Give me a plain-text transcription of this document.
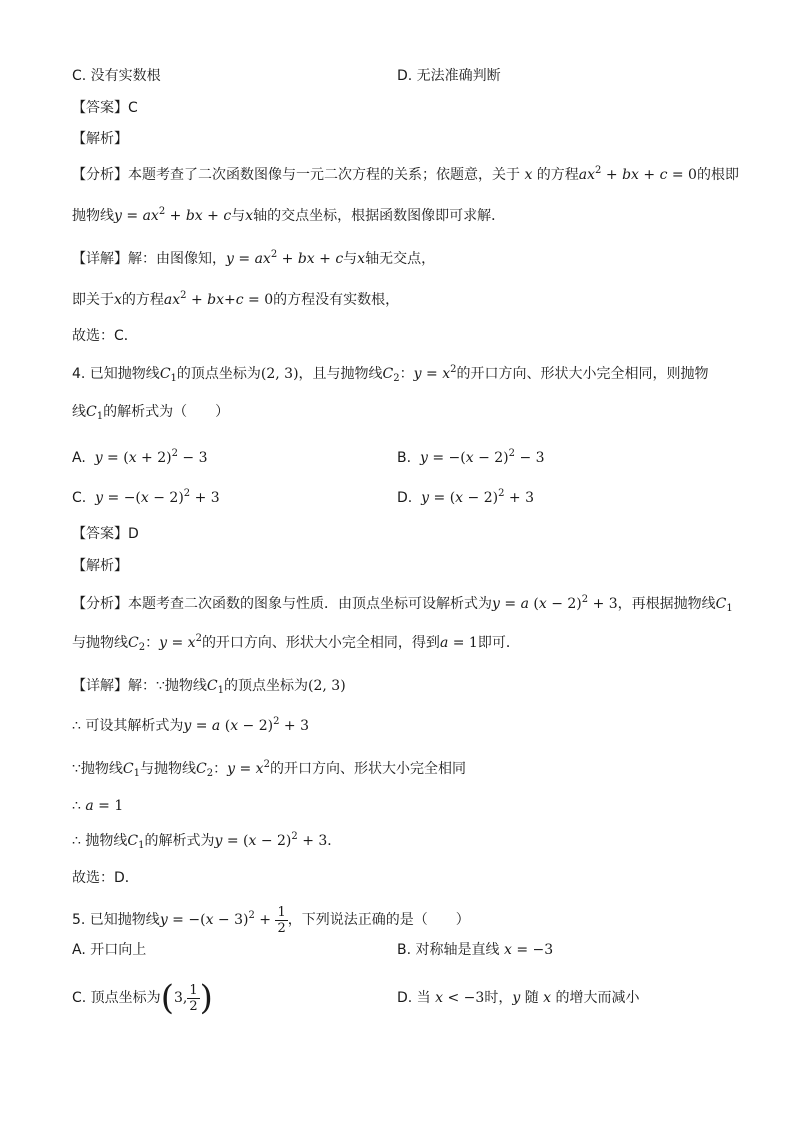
C. 没有实数根	D. 无法准确判断
【答案】C
【解析】
【分析】本题考查了二次函数图像与一元二次方程的关系；依题意，关于 x 的方程$ax^2$ + bx + c = 0的根即
抛物线$y = ax^2$ + bx + c与x轴的交点坐标，根据函数图像即可求解．
【详解】解：由图像知，$y = ax^2$ + bx + c与x轴无交点，
即关于x的方程$ax^2 + bx+c = 0$的方程没有实数根，
故选：C．
4. 已知抛物线$C_1$的顶点坐标为(2, 3)，且与抛物线$C_2$：$y = x^2$的开口方向、形状大小完全相同，则抛物
线$C_1$的解析式为（　　）
A. $y = (x + 2)^2 - 3$	B. $y = -(x - 2)^2 - 3$
C. $y = -(x - 2)^2 + 3$	D. $y = (x - 2)^2 + 3$
【答案】D
【解析】
【分析】本题考查二次函数的图象与性质．由顶点坐标可设解析式为y = a $(x - 2)^2 + 3$，再根据抛物线$C_1$
与抛物线$C_2$：$y = x^2$的开口方向、形状大小完全相同，得到a = 1即可．
【详解】解：∵抛物线$C_1$的顶点坐标为(2, 3)
∴ 可设其解析式为y = a $(x - 2)^2 + 3$
∵抛物线$C_1$与抛物线$C_2$：$y = x^2$的开口方向、形状大小完全相同
∴ a = 1
∴ 抛物线$C_1$的解析式为$y = (x - 2)^2 + 3$．
故选：D．
5. 已知抛物线$y = -(x - 3)^2 + \frac{1}{2}$ ，下列说法正确的是（　　）
A. 开口向上	B. 对称轴是直线 x = −3
C. 顶点坐标为(3, $\frac{1}{2}$ )	D. 当 x < −3时，y 随 x 的增大而减小
